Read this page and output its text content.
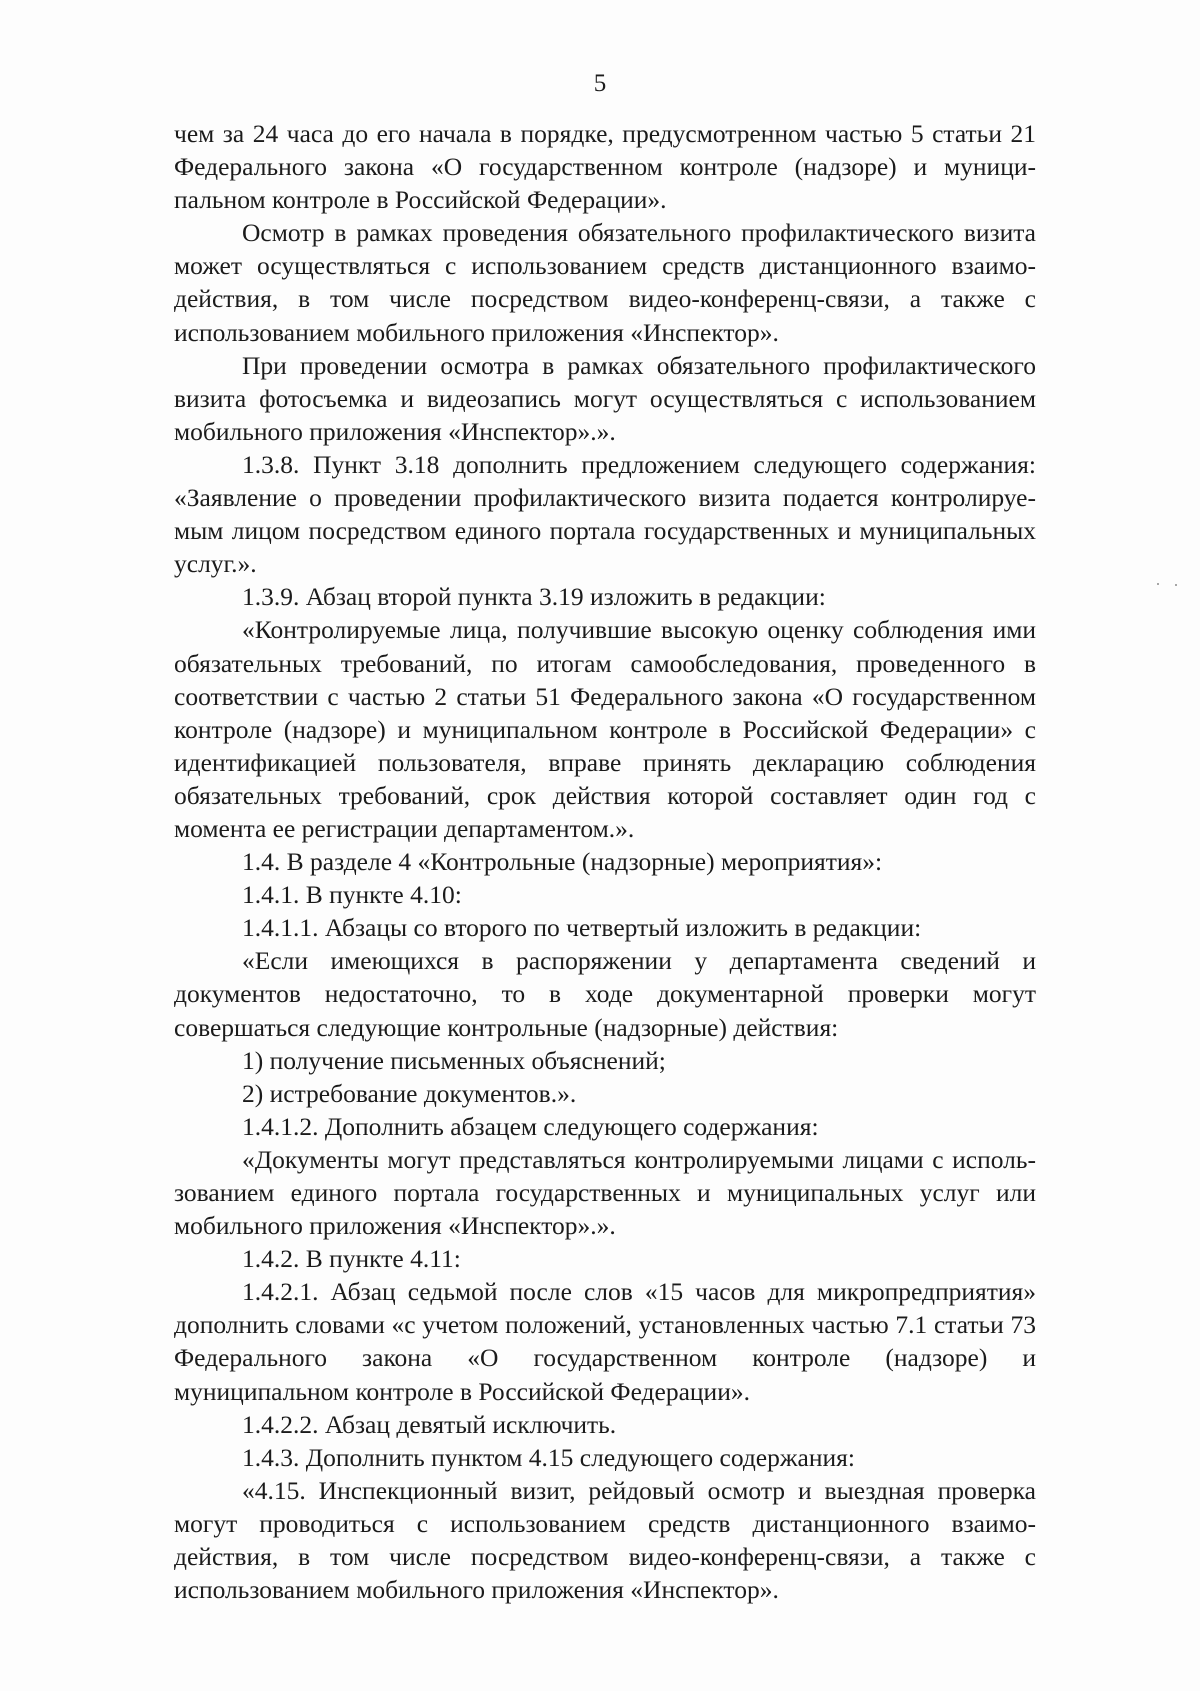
5

чем за 24 часа до его начала в порядке, предусмотренном частью 5 статьи 21 Федерального закона «О государственном контроле (надзоре) и муниципальном контроле в Российской Федерации».

Осмотр в рамках проведения обязательного профилактического визита может осуществляться с использованием средств дистанционного взаимодействия, в том числе посредством видео-конференц-связи, а также с использованием мобильного приложения «Инспектор».

При проведении осмотра в рамках обязательного профилактического визита фотосъемка и видеозапись могут осуществляться с использованием мобильного приложения «Инспектор».».

1.3.8. Пункт 3.18 дополнить предложением следующего содержания: «Заявление о проведении профилактического визита подается контролируемым лицом посредством единого портала государственных и муниципальных услуг.».

1.3.9. Абзац второй пункта 3.19 изложить в редакции:

«Контролируемые лица, получившие высокую оценку соблюдения ими обязательных требований, по итогам самообследования, проведенного в соответствии с частью 2 статьи 51 Федерального закона «О государственном контроле (надзоре) и муниципальном контроле в Российской Федерации» с идентификацией пользователя, вправе принять декларацию соблюдения обязательных требований, срок действия которой составляет один год с момента ее регистрации департаментом.».

1.4. В разделе 4 «Контрольные (надзорные) мероприятия»:

1.4.1. В пункте 4.10:

1.4.1.1. Абзацы со второго по четвертый изложить в редакции:

«Если имеющихся в распоряжении у департамента сведений и документов недостаточно, то в ходе документарной проверки могут совершаться следующие контрольные (надзорные) действия:

1) получение письменных объяснений;

2) истребование документов.».

1.4.1.2. Дополнить абзацем следующего содержания:

«Документы могут представляться контролируемыми лицами с использованием единого портала государственных и муниципальных услуг или мобильного приложения «Инспектор».».

1.4.2. В пункте 4.11:

1.4.2.1. Абзац седьмой после слов «15 часов для микропредприятия» дополнить словами «с учетом положений, установленных частью 7.1 статьи 73 Федерального закона «О государственном контроле (надзоре) и муниципальном контроле в Российской Федерации».

1.4.2.2. Абзац девятый исключить.

1.4.3. Дополнить пунктом 4.15 следующего содержания:

«4.15. Инспекционный визит, рейдовый осмотр и выездная проверка могут проводиться с использованием средств дистанционного взаимодействия, в том числе посредством видео-конференц-связи, а также с использованием мобильного приложения «Инспектор».
